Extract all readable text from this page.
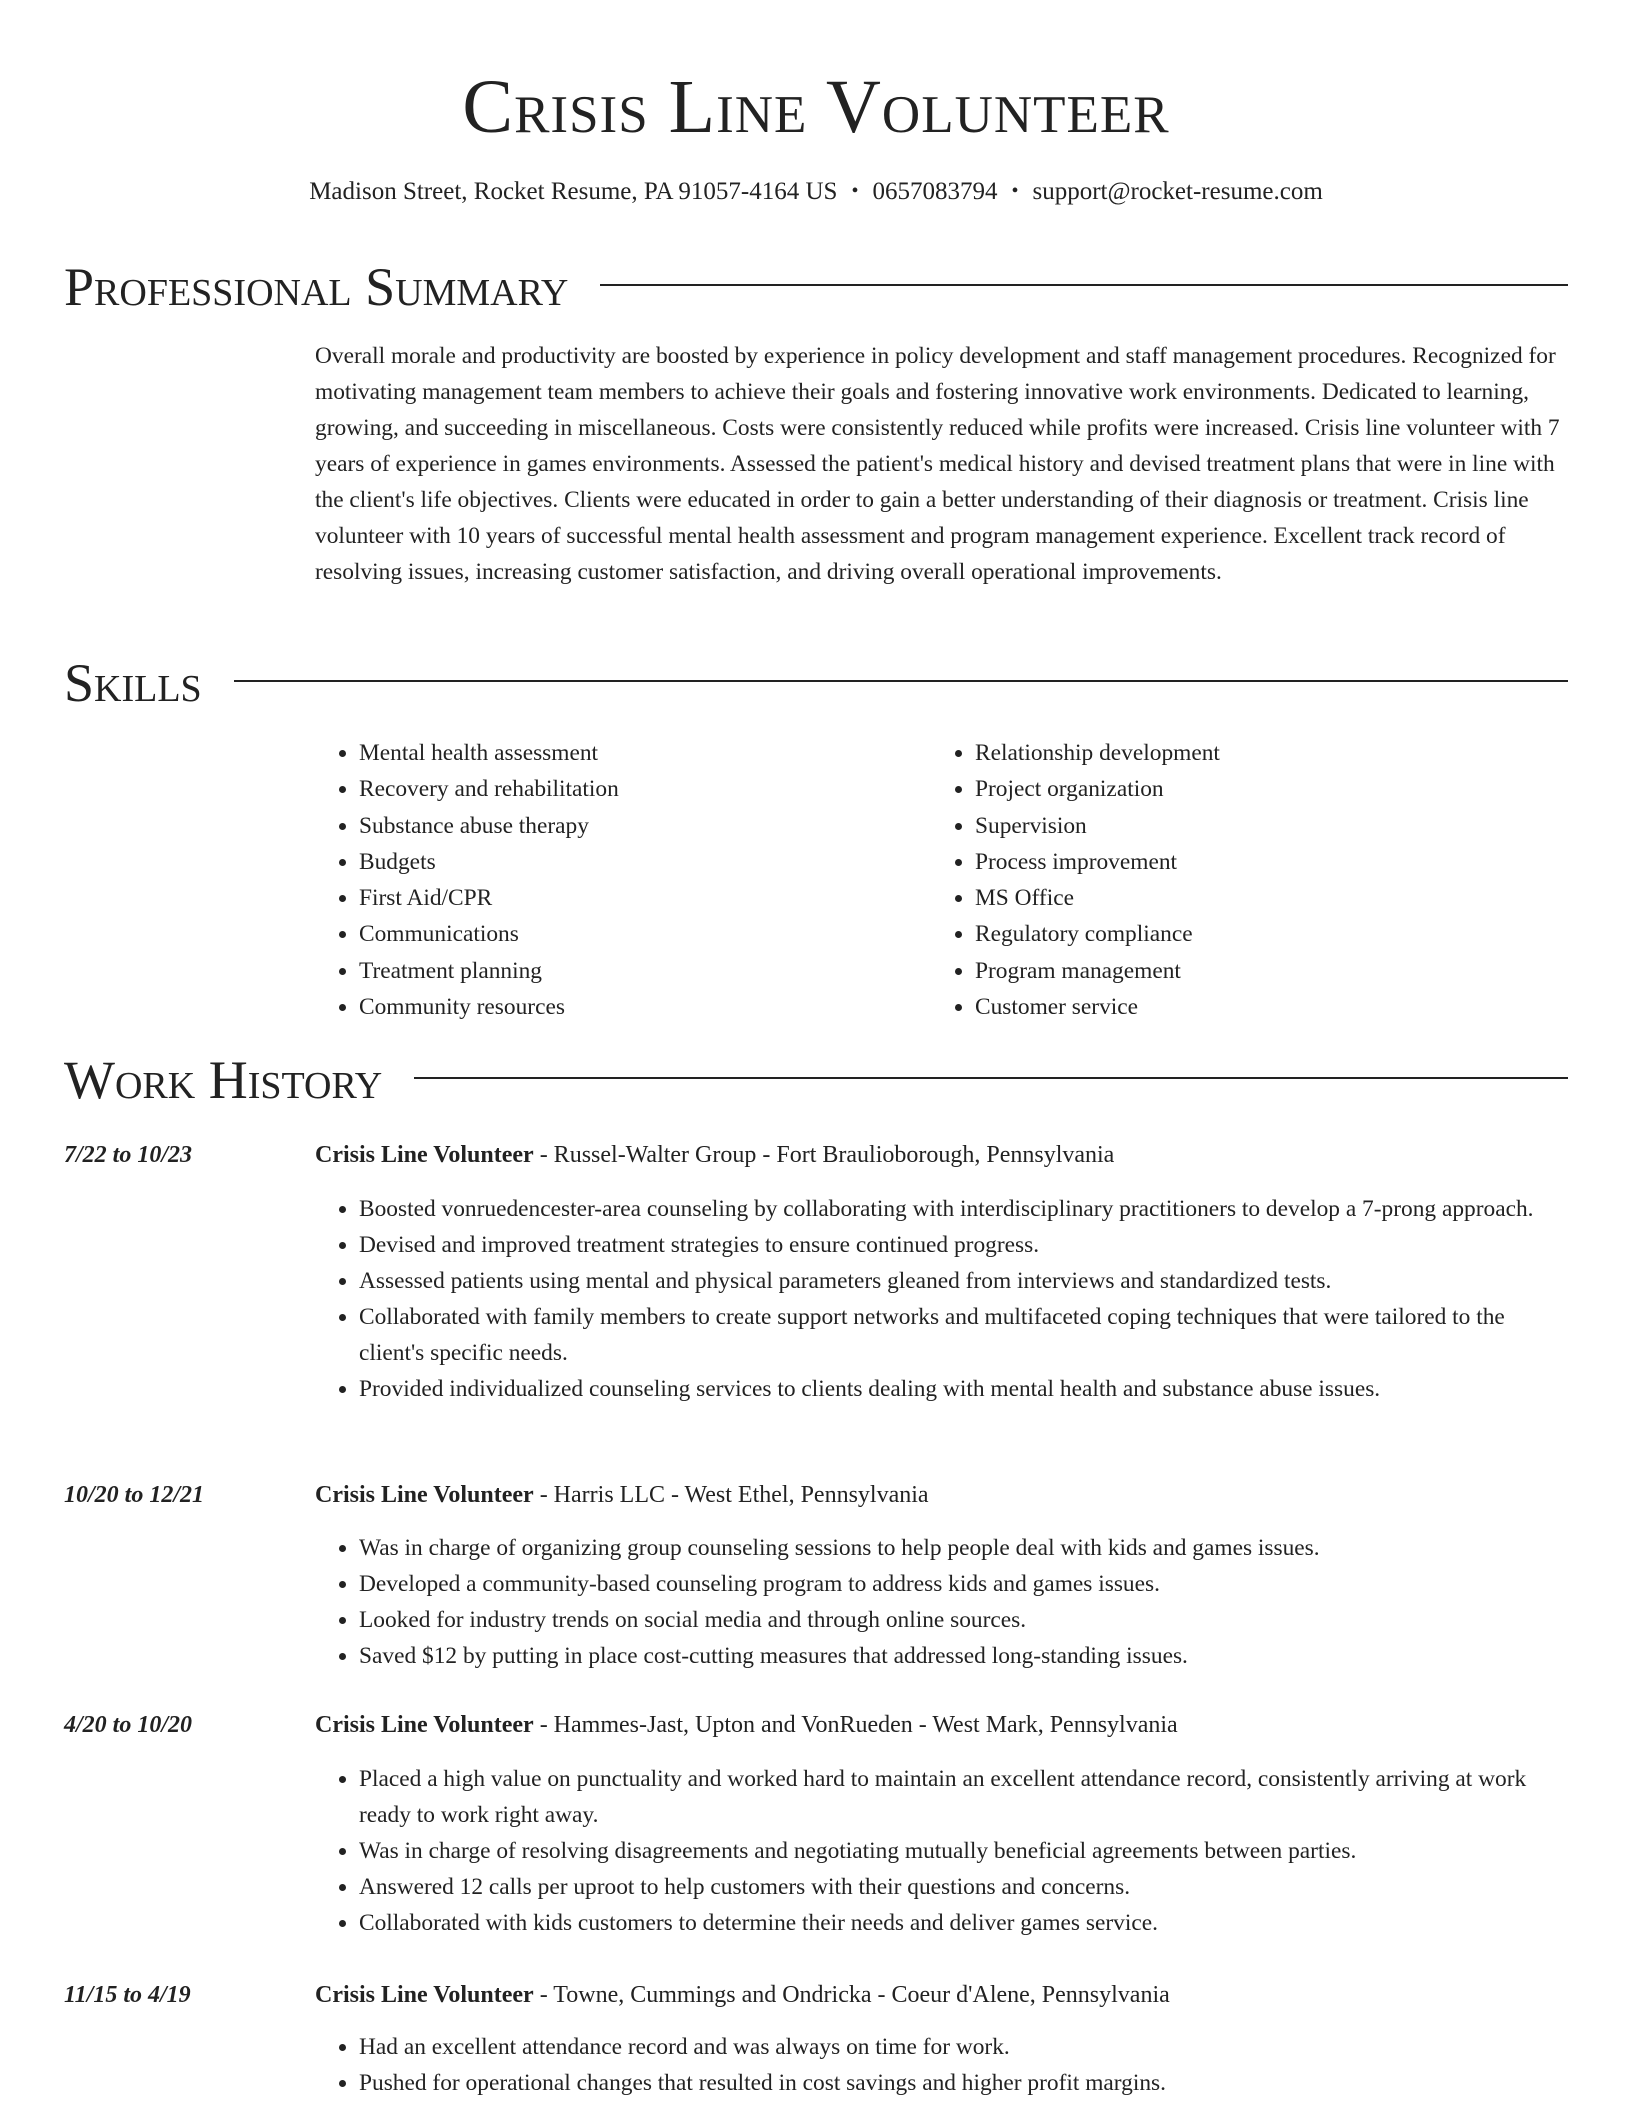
Crisis Line Volunteer
Madison Street, Rocket Resume, PA 91057-4164 US • 0657083794 • support@rocket-resume.com
Professional Summary

Overall morale and productivity are boosted by experience in policy development and staff management procedures. Recognized for motivating management team members to achieve their goals and fostering innovative work environments. Dedicated to learning, growing, and succeeding in miscellaneous. Costs were consistently reduced while profits were increased. Crisis line volunteer with 7 years of experience in games environments. Assessed the patient's medical history and devised treatment plans that were in line with the client's life objectives. Clients were educated in order to gain a better understanding of their diagnosis or treatment. Crisis line volunteer with 10 years of successful mental health assessment and program management experience. Excellent track record of resolving issues, increasing customer satisfaction, and driving overall operational improvements.

Skills
• Mental health assessment
• Recovery and rehabilitation
• Substance abuse therapy
• Budgets
• First Aid/CPR
• Communications
• Treatment planning
• Community resources
• Relationship development
• Project organization
• Supervision
• Process improvement
• MS Office
• Regulatory compliance
• Program management
• Customer service
Work History
7/22 to 10/23	Crisis Line Volunteer - Russel-Walter Group - Fort Braulioborough, Pennsylvania
• Boosted vonruedencester-area counseling by collaborating with interdisciplinary practitioners to develop a 7-prong approach.
• Devised and improved treatment strategies to ensure continued progress.
• Assessed patients using mental and physical parameters gleaned from interviews and standardized tests.
• Collaborated with family members to create support networks and multifaceted coping techniques that were tailored to the client's specific needs.
• Provided individualized counseling services to clients dealing with mental health and substance abuse issues.
10/20 to 12/21	Crisis Line Volunteer - Harris LLC - West Ethel, Pennsylvania
• Was in charge of organizing group counseling sessions to help people deal with kids and games issues.
• Developed a community-based counseling program to address kids and games issues.
• Looked for industry trends on social media and through online sources.
• Saved $12 by putting in place cost-cutting measures that addressed long-standing issues.
4/20 to 10/20	Crisis Line Volunteer - Hammes-Jast, Upton and VonRueden - West Mark, Pennsylvania
• Placed a high value on punctuality and worked hard to maintain an excellent attendance record, consistently arriving at work ready to work right away.
• Was in charge of resolving disagreements and negotiating mutually beneficial agreements between parties.
• Answered 12 calls per uproot to help customers with their questions and concerns.
• Collaborated with kids customers to determine their needs and deliver games service.
11/15 to 4/19	Crisis Line Volunteer - Towne, Cummings and Ondricka - Coeur d'Alene, Pennsylvania
• Had an excellent attendance record and was always on time for work.
• Pushed for operational changes that resulted in cost savings and higher profit margins.
